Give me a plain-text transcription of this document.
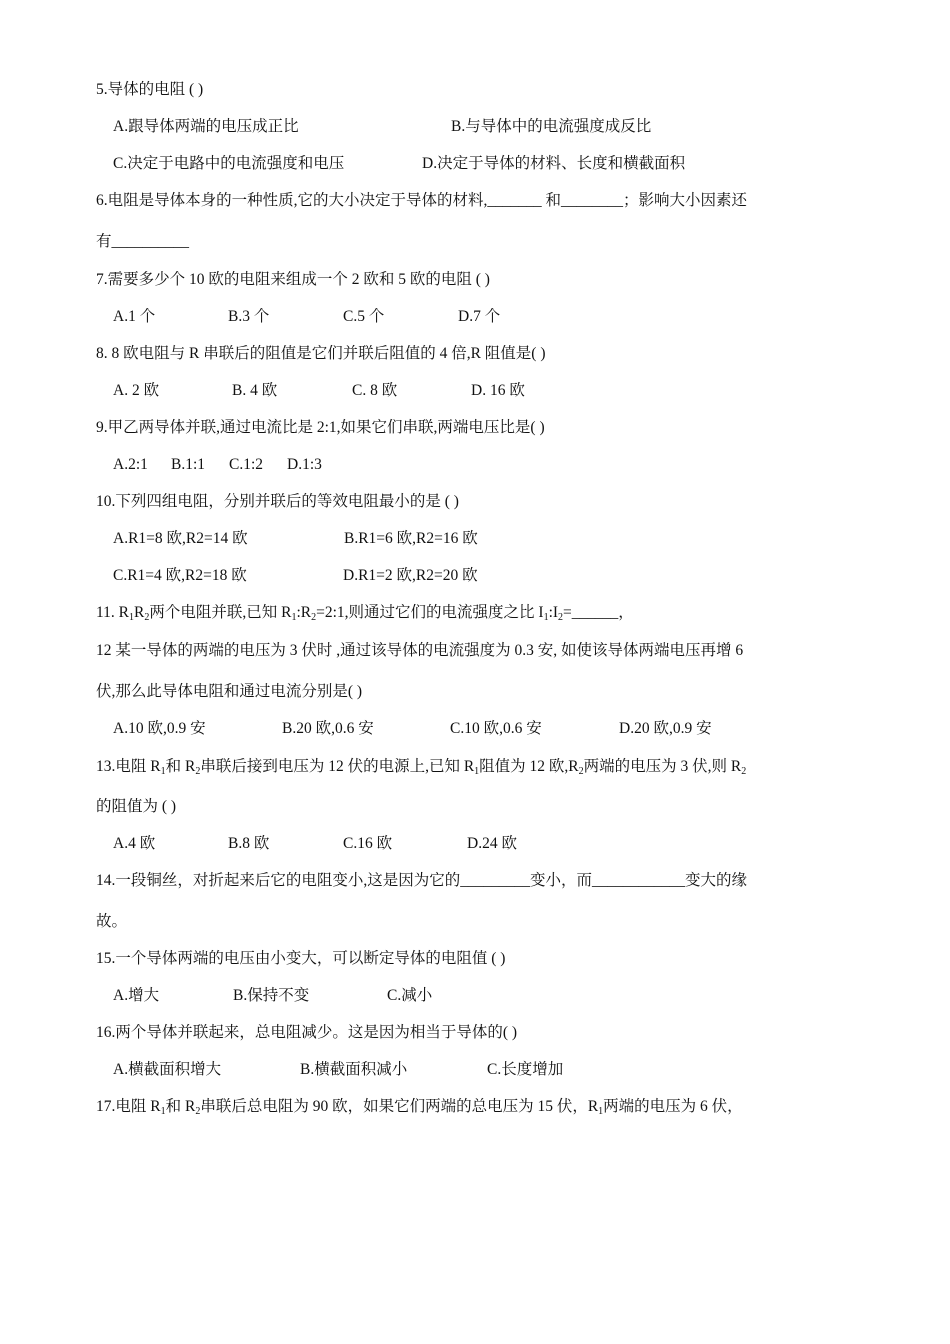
5.导体的电阻 ( )
A.跟导体两端的电压成正比	B.与导体中的电流强度成反比
C.决定于电路中的电流强度和电压	D.决定于导体的材料、长度和横截面积
6.电阻是导体本身的一种性质,它的大小决定于导体的材料,_______ 和________；影响大小因素还
有__________
7.需要多少个 10 欧的电阻来组成一个 2 欧和 5 欧的电阻 ( )
A.1 个	B.3 个	C.5 个	D.7 个
8. 8 欧电阻与 R 串联后的阻值是它们并联后阻值的 4 倍,R 阻值是( )
A. 2 欧	B. 4 欧	C. 8 欧	D. 16 欧
9.甲乙两导体并联,通过电流比是 2:1,如果它们串联,两端电压比是( )
A.2:1 B.1:1 C.1:2 D.1:3
10.下列四组电阻，分别并联后的等效电阻最小的是 ( )
A.R1=8 欧,R2=14 欧	B.R1=6 欧,R2=16 欧
C.R1=4 欧,R2=18 欧	D.R1=2 欧,R2=20 欧
11. $R_1R_2$两个电阻并联,已知 $R_1:R_2=2:1$,则通过它们的电流强度之比 $I_1:I_2=\_\_\_\_\_\_$，
12 某一导体的两端的电压为 3 伏时 ,通过该导体的电流强度为 0.3 安, 如使该导体两端电压再增 6
伏,那么此导体电阻和通过电流分别是( )
A.10 欧,0.9 安	B.20 欧,0.6 安	C.10 欧,0.6 安	D.20 欧,0.9 安
13.电阻 $R_1$和 $R_2$串联后接到电压为 12 伏的电源上,已知 $R_1$阻值为 12 欧$,R_2$两端的电压为 3 伏,则 $R_2$
的阻值为 ( )
A.4 欧	B.8 欧	C.16 欧	D.24 欧
14.一段铜丝，对折起来后它的电阻变小,这是因为它的_________变小，而____________变大的缘
故。
15.一个导体两端的电压由小变大，可以断定导体的电阻值 ( )
A.增大	B.保持不变	C.减小
16.两个导体并联起来，总电阻减少。这是因为相当于导体的( )
A.横截面积增大	B.横截面积减小	C.长度增加
17.电阻 $R_1$和 $R_2$串联后总电阻为 90 欧，如果它们两端的总电压为 15 伏，$R_1$两端的电压为 6 伏，
